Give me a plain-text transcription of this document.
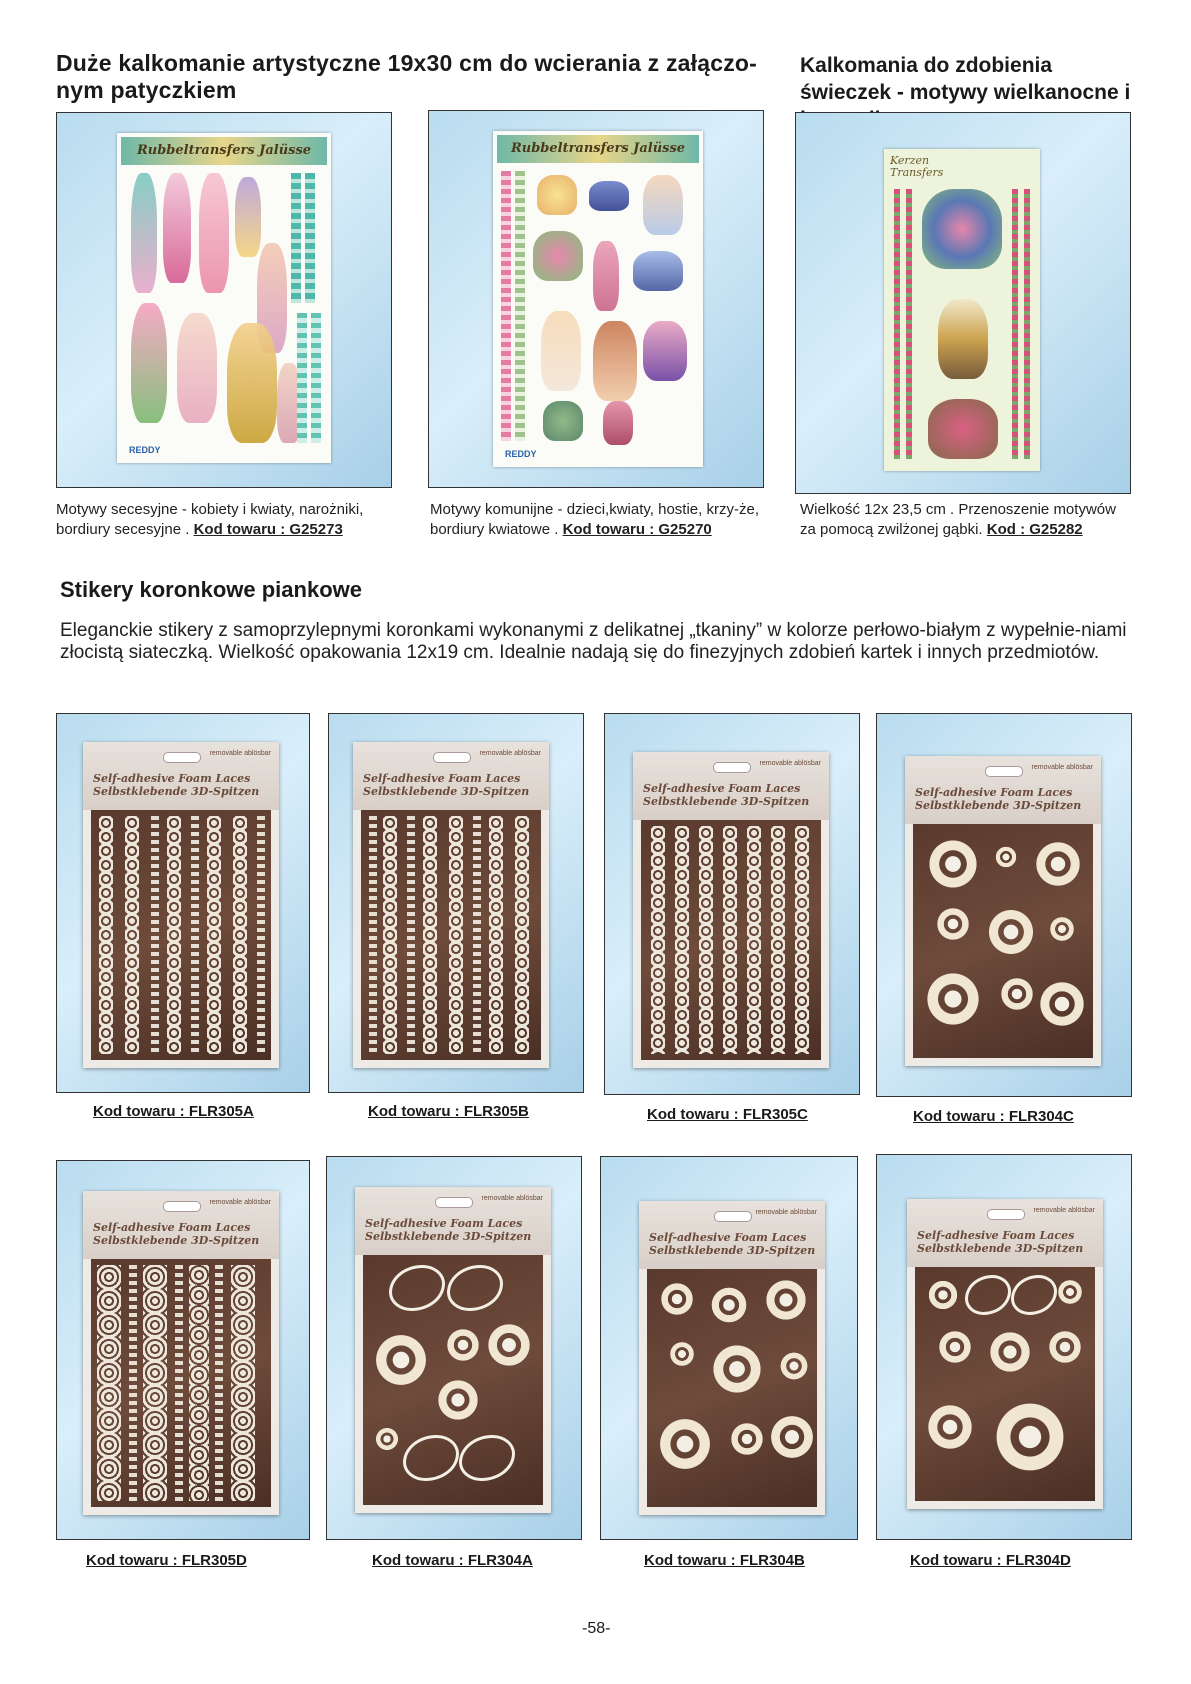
Duże kalkomanie artystyczne 19x30 cm do wcierania z załączo-nym patyczkiem
Kalkomania do zdobienia świeczek - motywy wielkanocne i
Rubbeltransfers Jalüsse
REDDY
Motywy secesyjne - kobiety i kwiaty, narożniki, bordiury secesyjne . Kod towaru : G25273
Rubbeltransfers Jalüsse
REDDY
Motywy komunijne - dzieci,kwiaty, hostie, krzy-że, bordiury kwiatowe . Kod towaru : G25270
Kerzen Transfers
Wielkość 12x 23,5 cm . Przenoszenie motywów za pomocą zwilżonej gąbki. Kod : G25282
Stikery koronkowe piankowe
Eleganckie stikery z samoprzylepnymi koronkami wykonanymi z delikatnej „tkaniny” w kolorze perłowo-białym z wypełnie-niami złocistą siateczką. Wielkość opakowania 12x19 cm. Idealnie nadają się do finezyjnych zdobień kartek i innych przedmiotów.
removable ablösbar
Self-adhesive Foam Laces
Selbstklebende 3D-Spitzen
Kod towaru : FLR305A
removable ablösbar
Self-adhesive Foam Laces
Selbstklebende 3D-Spitzen
Kod towaru : FLR305B
removable ablösbar
Self-adhesive Foam Laces
Selbstklebende 3D-Spitzen
Kod towaru : FLR305C
removable ablösbar
Self-adhesive Foam Laces
Selbstklebende 3D-Spitzen
Kod towaru : FLR304C
removable ablösbar
Self-adhesive Foam Laces
Selbstklebende 3D-Spitzen
Kod towaru : FLR305D
removable ablösbar
Self-adhesive Foam Laces
Selbstklebende 3D-Spitzen
Kod towaru : FLR304A
removable ablösbar
Self-adhesive Foam Laces
Selbstklebende 3D-Spitzen
Kod towaru : FLR304B
removable ablösbar
Self-adhesive Foam Laces
Selbstklebende 3D-Spitzen
Kod towaru : FLR304D
-58-
